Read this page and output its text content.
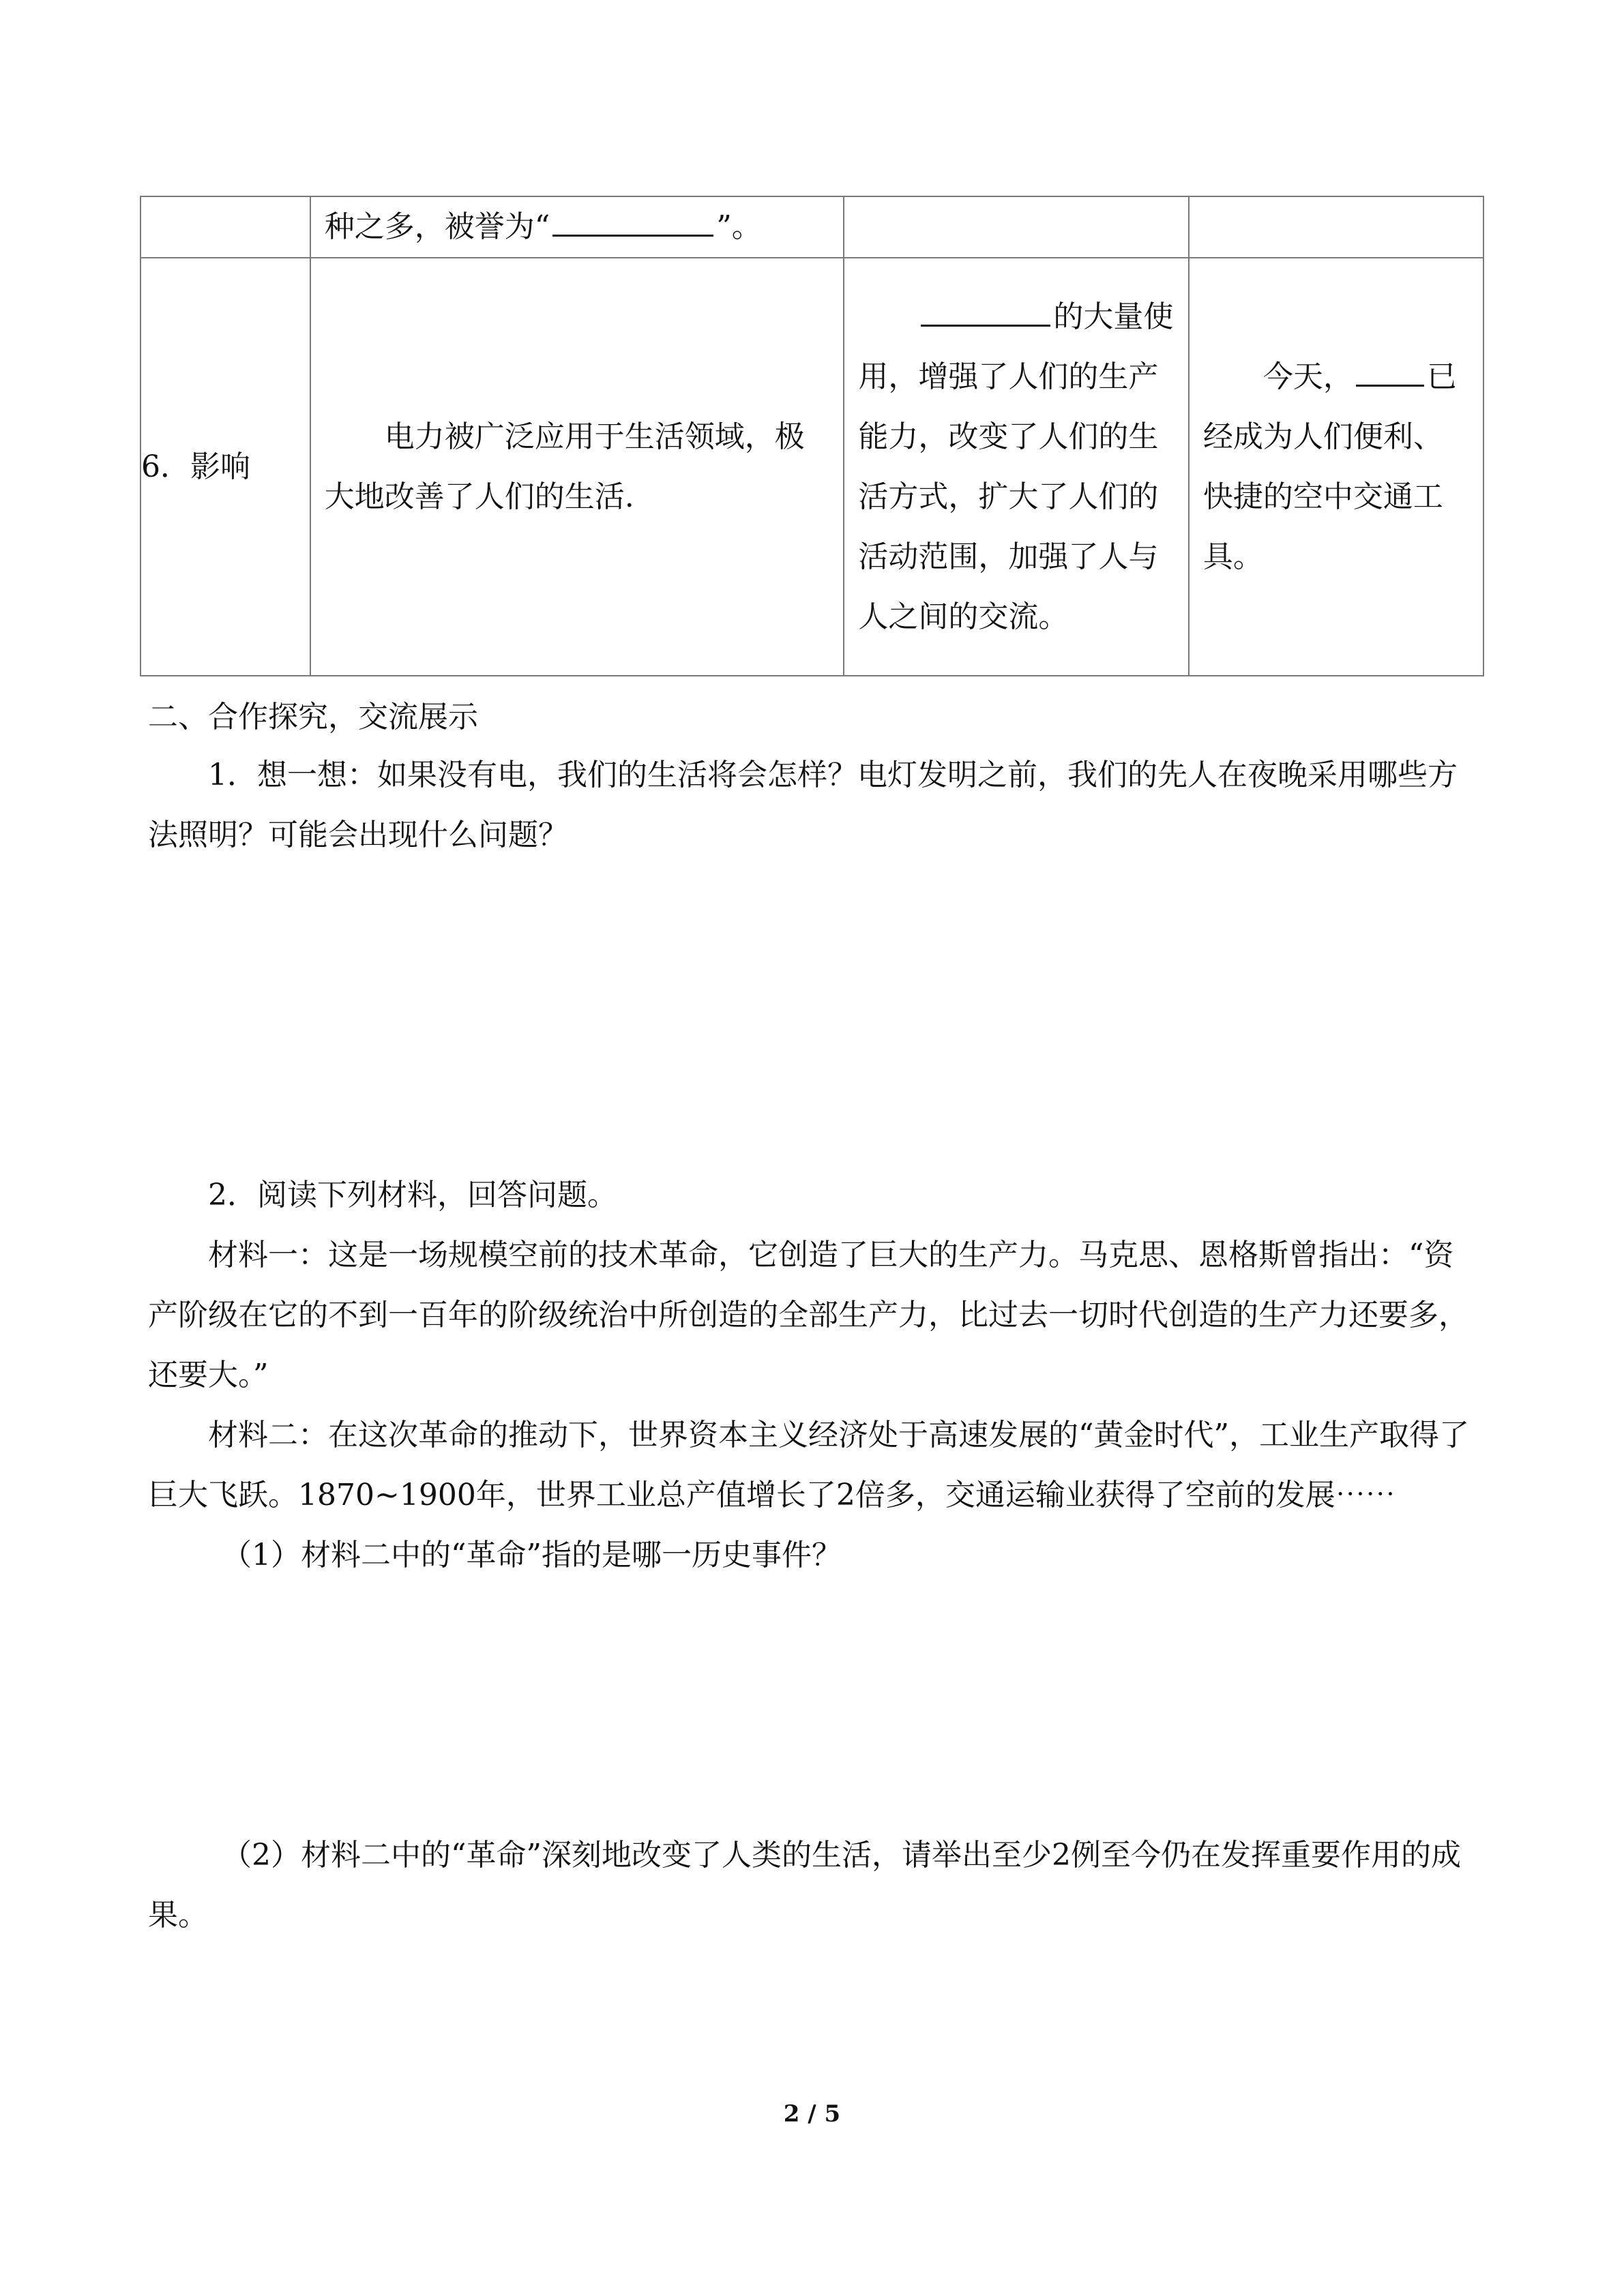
	种之多，被誉为“ ”。		
6．影响	电力被广泛应用于生活领域，极大地改善了人们的生活.	的大量使用，增强了人们的生产能力，改变了人们的生活方式，扩大了人们的活动范围，加强了人与人之间的交流。	今天， 已经成为人们便利、快捷的空中交通工具。

二、合作探究，交流展示

1．想一想：如果没有电，我们的生活将会怎样？电灯发明之前，我们的先人在夜晚采用哪些方法照明？可能会出现什么问题？

2．阅读下列材料，回答问题。

材料一：这是一场规模空前的技术革命，它创造了巨大的生产力。马克思、恩格斯曾指出：“资产阶级在它的不到一百年的阶级统治中所创造的全部生产力，比过去一切时代创造的生产力还要多，还要大。”

材料二：在这次革命的推动下，世界资本主义经济处于高速发展的“黄金时代”，工业生产取得了巨大飞跃。1870~1900年，世界工业总产值增长了2倍多，交通运输业获得了空前的发展⋯⋯

（1）材料二中的“革命”指的是哪一历史事件？

（2）材料二中的“革命”深刻地改变了人类的生活，请举出至少2例至今仍在发挥重要作用的成果。

2 / 5
